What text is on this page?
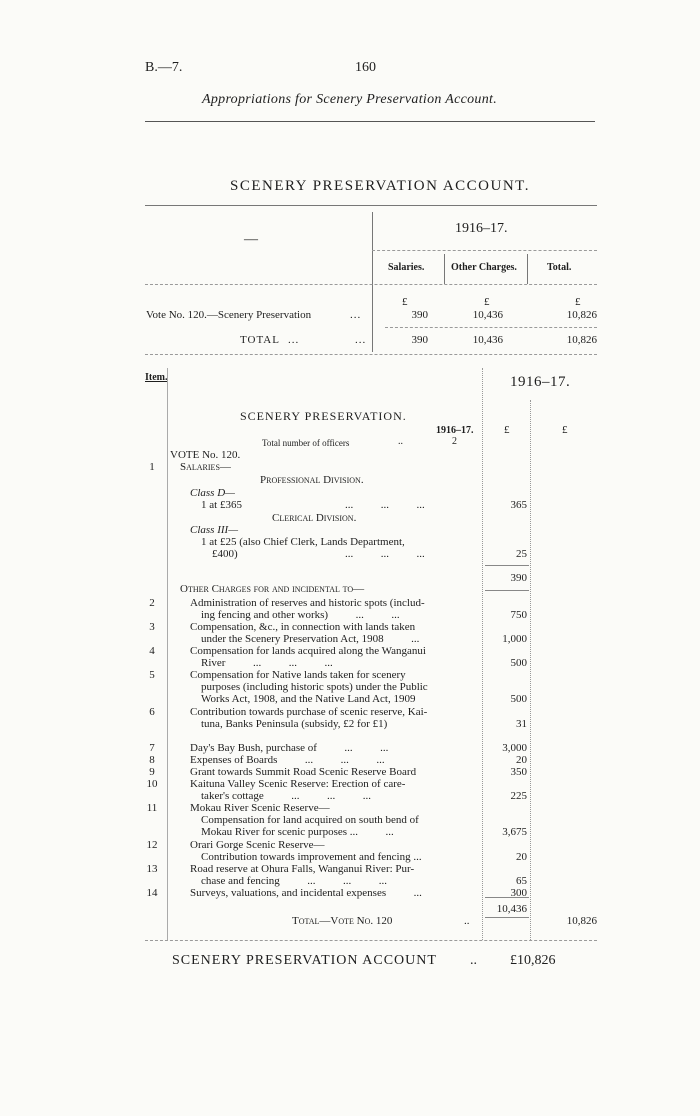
B.—7.	160
Appropriations for Scenery Preservation Account.
SCENERY PRESERVATION ACCOUNT.
1916–17.
—
Salaries.	Other Charges.	Total.
£	£	£
Vote No. 120.—Scenery Preservation	...	390	10,436	10,826
TOTAL ...	...	390	10,436	10,826
Item.	1916–17.
SCENERY PRESERVATION.
1916–17.	£	£
Total number of officers	..	2
VOTE No. 120.
1	Salaries—
Professional Division.
Class D—
1 at £365	...          ...          ...	365
Clerical Division.
Class III—
1 at £25 (also Chief Clerk, Lands Department,
£400)	...          ...          ...	25
390
Other Charges for and incidental to—
2	Administration of reserves and historic spots (includ-
ing fencing and other works)          ...          ...	750
3	Compensation, &c., in connection with lands taken
under the Scenery Preservation Act, 1908          ...	1,000
4	Compensation for lands acquired along the Wanganui
River          ...          ...          ...	500
5	Compensation for Native lands taken for scenery
purposes (including historic spots) under the Public
Works Act, 1908, and the Native Land Act, 1909	500
6	Contribution towards purchase of scenic reserve, Kai-
tuna, Banks Peninsula (subsidy, £2 for £1)	31
7	Day's Bay Bush, purchase of          ...          ...	3,000
8	Expenses of Boards          ...          ...          ...	20
9	Grant towards Summit Road Scenic Reserve Board	350
10	Kaituna Valley Scenic Reserve: Erection of care-
taker's cottage          ...          ...          ...	225
11	Mokau River Scenic Reserve—
Compensation for land acquired on south bend of
Mokau River for scenic purposes ...          ...	3,675
12	Orari Gorge Scenic Reserve—
Contribution towards improvement and fencing ...	20
13	Road reserve at Ohura Falls, Wanganui River: Pur-
chase and fencing          ...          ...          ...	65
14	Surveys, valuations, and incidental expenses          ...	300
10,436
Total—Vote No. 120	..	10,826
SCENERY PRESERVATION ACCOUNT .. £10,826
